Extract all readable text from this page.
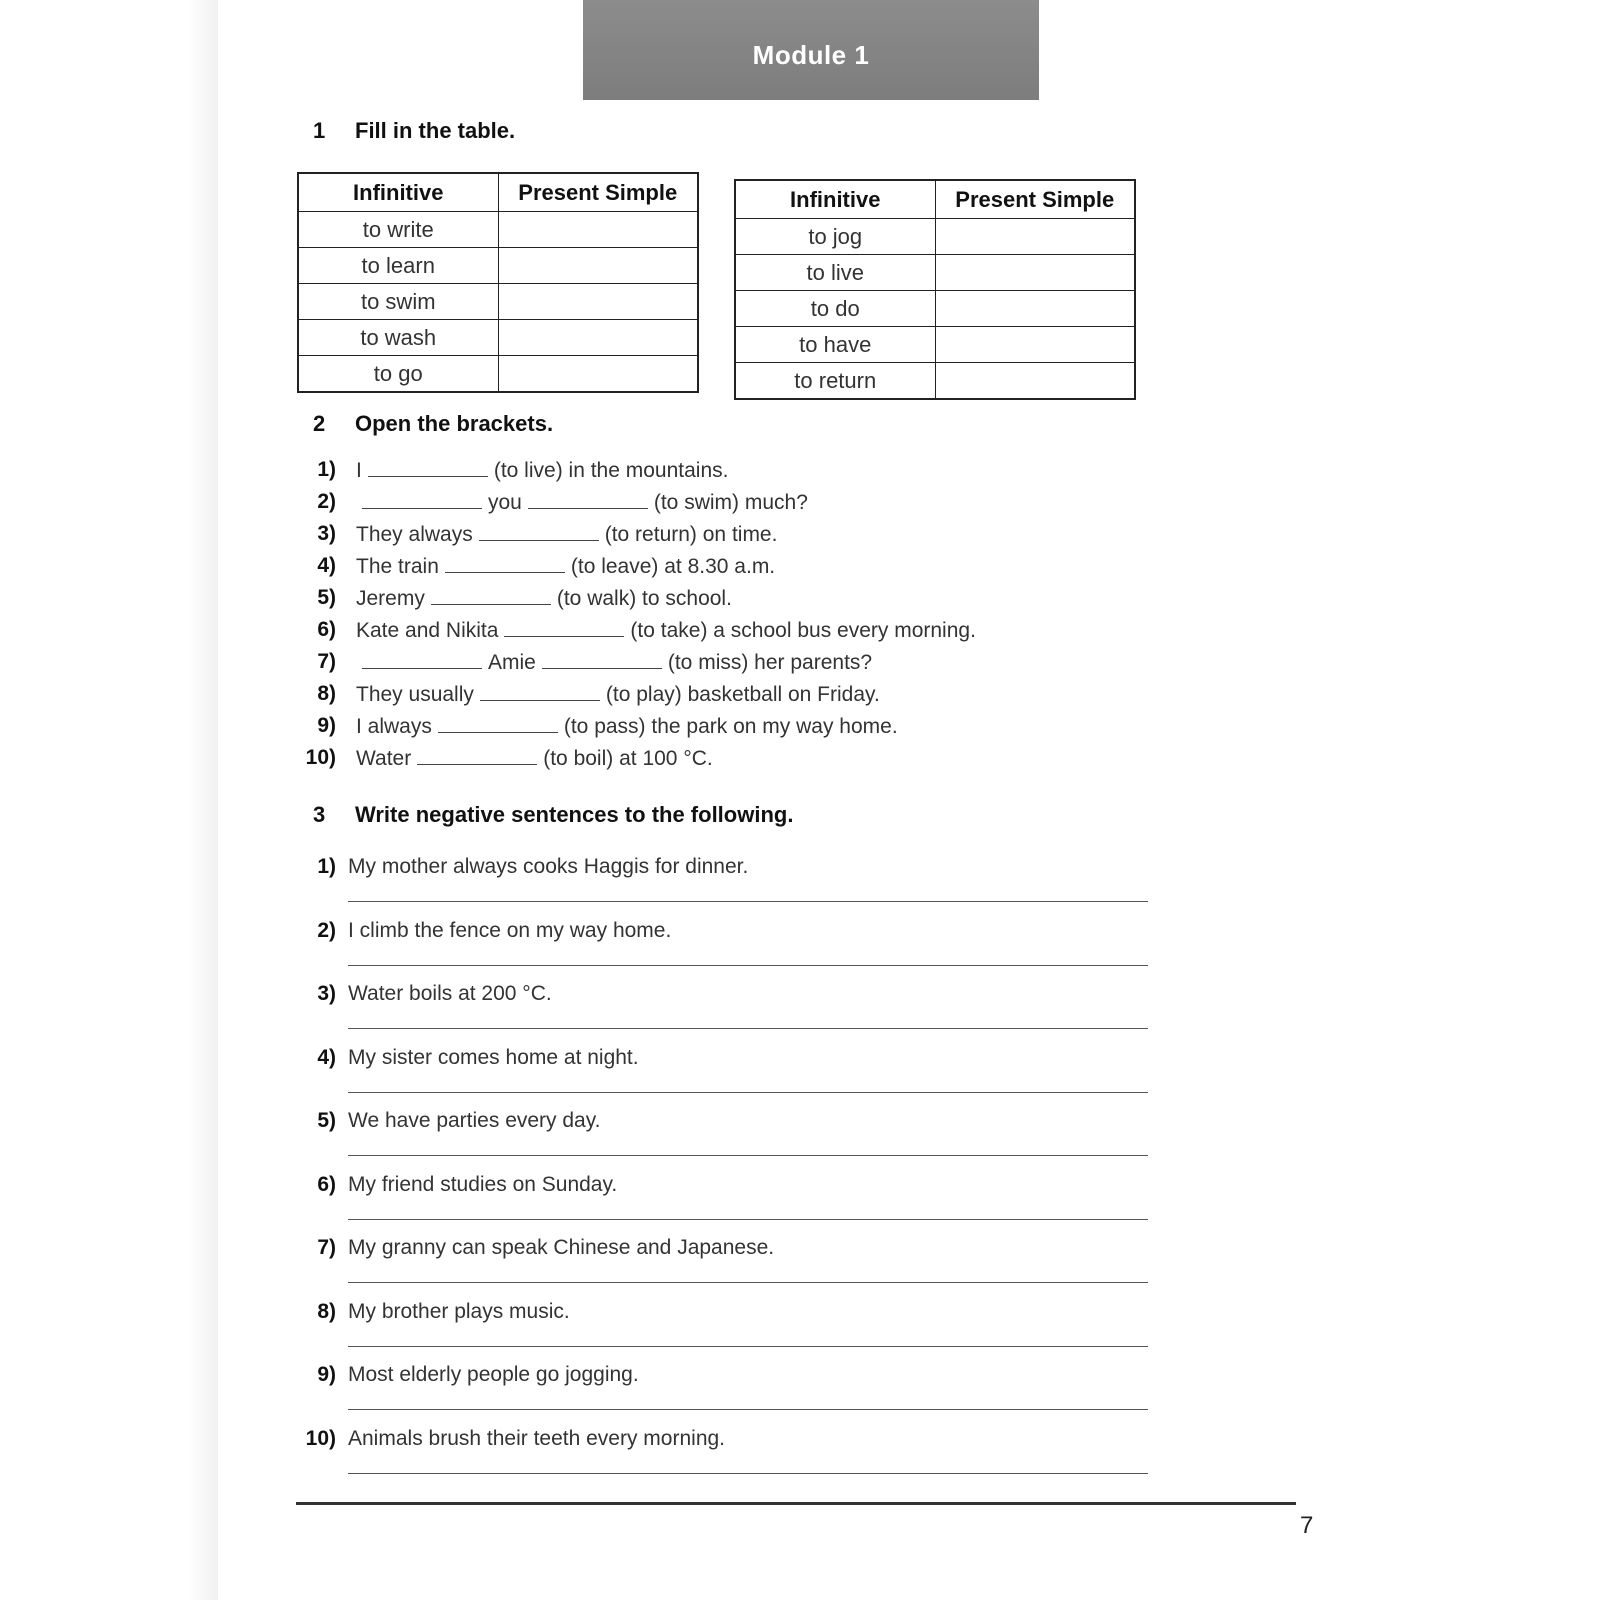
Module 1
1 Fill in the table.
Infinitive	Present Simple
to write	
to learn	
to swim	
to wash	
to go	
Infinitive	Present Simple
to jog	
to live	
to do	
to have	
to return	
2 Open the brackets.
1) I	(to live) in the mountains.
2)	you	(to swim) much?
3) They always	(to return) on time.
4) The train	(to leave) at 8.30 a.m.
5) Jeremy	(to walk) to school.
6) Kate and Nikita	(to take) a school bus every morning.
7)	Amie	(to miss) her parents?
8) They usually	(to play) basketball on Friday.
9) I always	(to pass) the park on my way home.
10) Water	(to boil) at 100 °C.
3 Write negative sentences to the following.
1) My mother always cooks Haggis for dinner.
2) I climb the fence on my way home.
3) Water boils at 200 °C.
4) My sister comes home at night.
5) We have parties every day.
6) My friend studies on Sunday.
7) My granny can speak Chinese and Japanese.
8) My brother plays music.
9) Most elderly people go jogging.
10) Animals brush their teeth every morning.
7
